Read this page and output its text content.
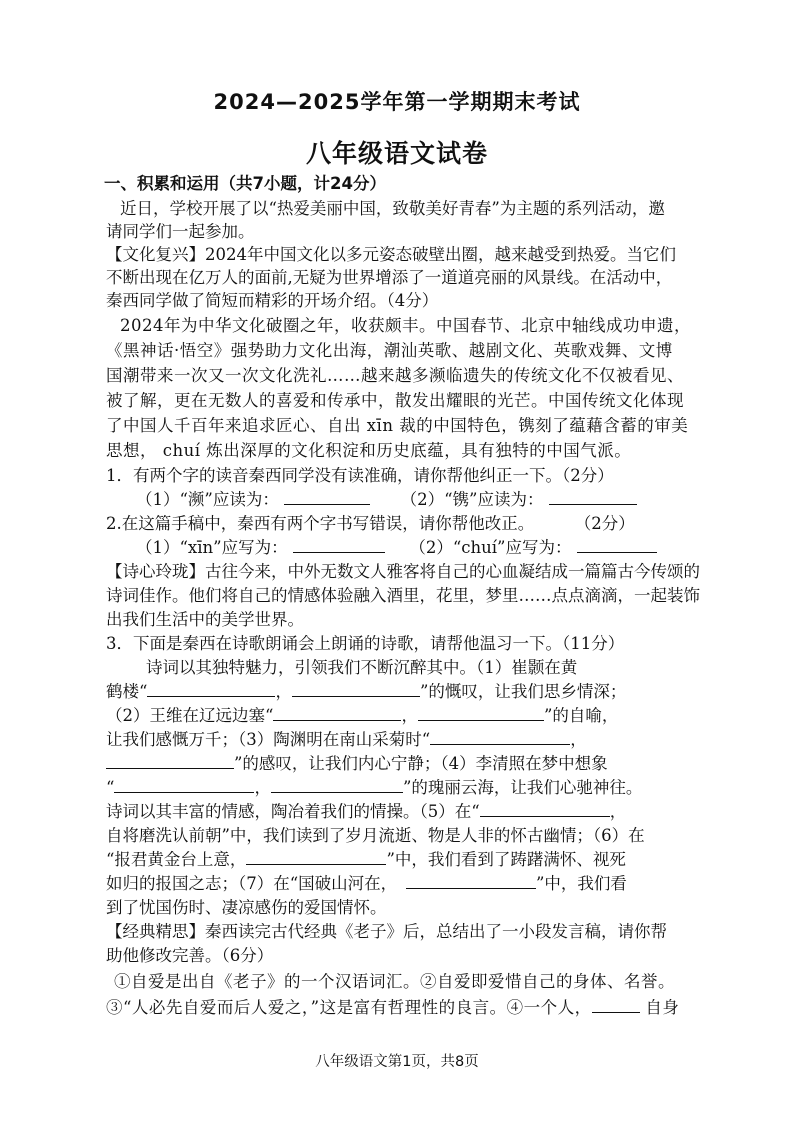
2024—2025学年第一学期期末考试
八年级语文试卷
一、积累和运用（共7小题，计24分）
近日，学校开展了以“热爱美丽中国，致敬美好青春”为主题的系列活动，邀
请同学们一起参加。
【文化复兴】2024年中国文化以多元姿态破壁出圈，越来越受到热爱。当它们
不断出现在亿万人的面前,无疑为世界增添了一道道亮丽的风景线。在活动中，
秦西同学做了简短而精彩的开场介绍。（4分）
2024年为中华文化破圈之年，收获颇丰。中国春节、北京中轴线成功申遗，
《黑神话·悟空》强势助力文化出海，潮汕英歌、越剧文化、英歌戏舞、文博
国潮带来一次又一次文化洗礼……越来越多濒临遗失的传统文化不仅被看见、
被了解，更在无数人的喜爱和传承中，散发出耀眼的光芒。中国传统文化体现
了中国人千百年来追求匠心、自出 xīn 裁的中国特色，镌刻了蕴藉含蓄的审美
思想， chuí 炼出深厚的文化积淀和历史底蕴，具有独特的中国气派。
1．有两个字的读音秦西同学没有读准确，请你帮他纠正一下。（2分）
（1）“濒”应读为：	（2）“镌”应读为：
2.在这篇手稿中，秦西有两个字书写错误，请你帮他改正。 （2分）
（1）“xīn”应写为：	（2）“chuí”应写为：
【诗心玲珑】古往今来，中外无数文人雅客将自己的心血凝结成一篇篇古今传颂的
诗词佳作。他们将自己的情感体验融入酒里，花里，梦里……点点滴滴，一起装饰
出我们生活中的美学世界。
3．下面是秦西在诗歌朗诵会上朗诵的诗歌，请帮他温习一下。（11分）
诗词以其独特魅力，引领我们不断沉醉其中。（1）崔颢在黄
鹤楼“	，	”的慨叹，让我们思乡情深；
（2）王维在辽远边塞“	，	”的自喻，
让我们感慨万千；（3）陶渊明在南山采菊时“	，
”的感叹，让我们内心宁静；（4）李清照在梦中想象
“	，	”的瑰丽云海，让我们心驰神往。
诗词以其丰富的情感，陶冶着我们的情操。（5）在“	，
自将磨洗认前朝”中，我们读到了岁月流逝、物是人非的怀古幽情；（6）在
“报君黄金台上意，	”中，我们看到了踌躇满怀、视死
如归的报国之志；（7）在“国破山河在，	”中，我们看
到了忧国伤时、凄凉感伤的爱国情怀。
【经典精思】秦西读完古代经典《老子》后，总结出了一小段发言稿，请你帮
助他修改完善。（6分）
①自爱是出自《老子》的一个汉语词汇。②自爱即爱惜自己的身体、名誉。
③“人必先自爱而后人爱之，”这是富有哲理性的良言。④一个人，	自身
八年级语文第1页，共8页
